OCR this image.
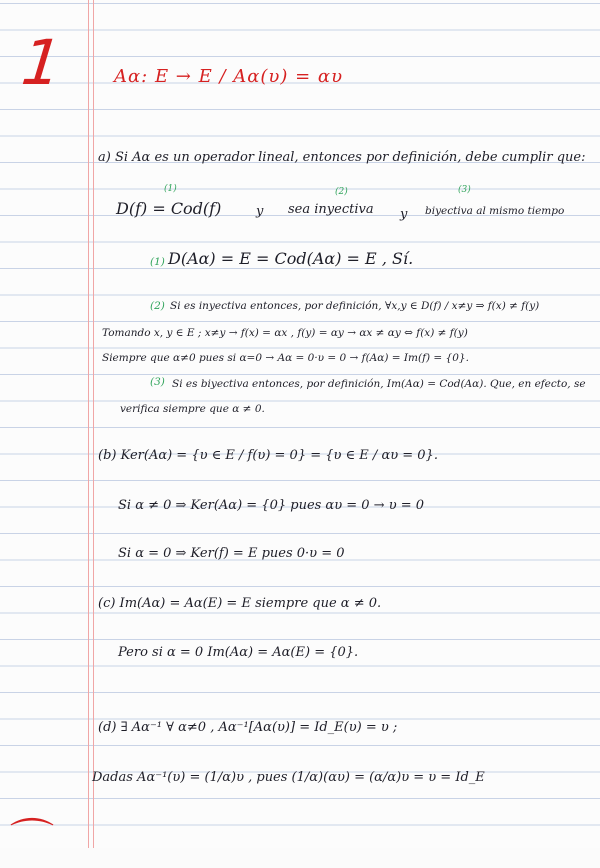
1	Aα: E → E / Aα(υ) = αυ
a) Si Aα es un operador lineal, entonces por definición, debe cumplir que:
(1)	(2)	(3)
D(f) = Cod(f)	y sea inyectiva y biyectiva al mismo tiempo
(1) D(Aα) = E = Cod(Aα) = E , Sí.
(2) Si es inyectiva entonces, por definición, ∀x,y ∈ D(f) / x≠y ⇒ f(x) ≠ f(y)
Tomando x, y ∈ E ; x≠y → f(x) = αx , f(y) = αy → αx ≠ αy ⇔ f(x) ≠ f(y)
Siempre que α≠0 pues si α=0 → Aα = 0·υ = 0 → f(Aα) = Im(f) = {0}.
(3) Si es biyectiva entonces, por definición, Im(Aα) = Cod(Aα). Que, en efecto, se
verifica siempre que α ≠ 0.
(b) Ker(Aα) = {υ ∈ E / f(υ) = 0} = {υ ∈ E / αυ = 0}.
Si α ≠ 0 ⇒ Ker(Aα) = {0} pues αυ = 0 → υ = 0
Si α = 0 ⇒ Ker(f) = E pues 0·υ = 0
(c) Im(Aα) = Aα(E) = E siempre que α ≠ 0.
Pero si α = 0 Im(Aα) = Aα(E) = {0}.
(d) ∃ Aα⁻¹ ∀ α≠0 , Aα⁻¹[Aα(υ)] = Id_E(υ) = υ ;
Dadas Aα⁻¹(υ) = (1/α)υ , pues (1/α)(αυ) = (α/α)υ = υ = Id_E
⌒
